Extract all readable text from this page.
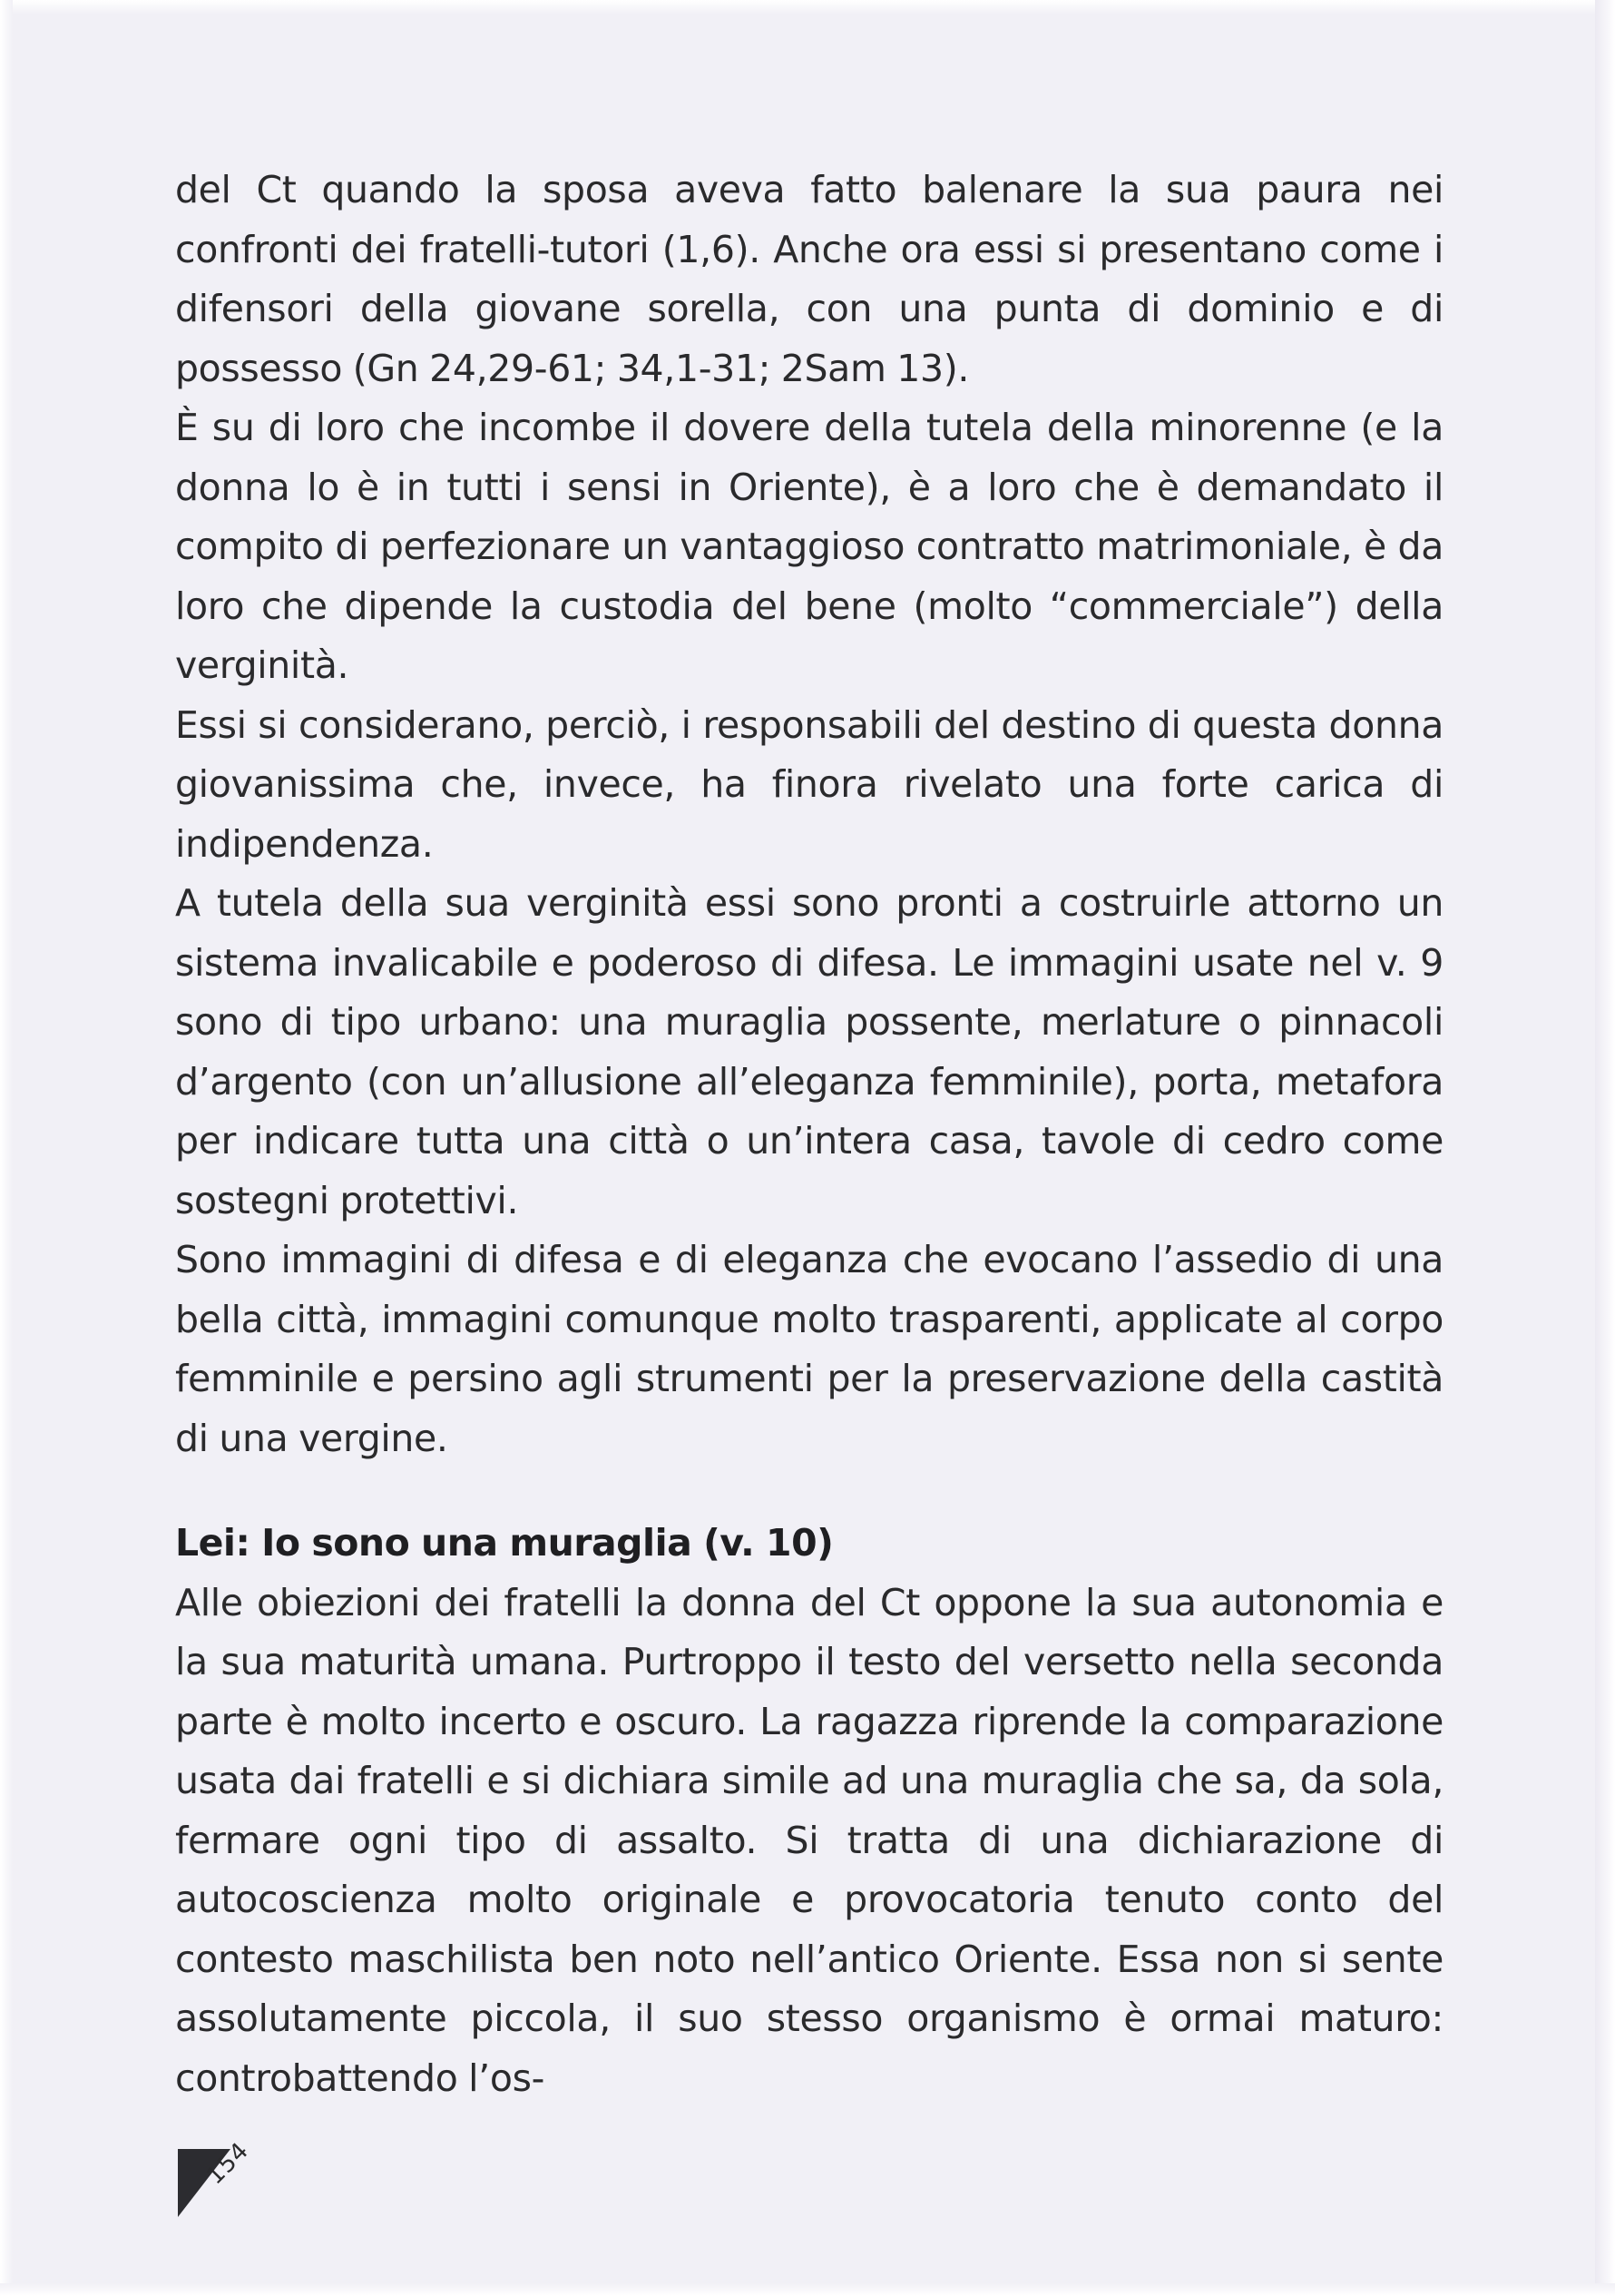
del Ct quando la sposa aveva fatto balenare la sua paura nei confronti dei fratelli-tutori (1,6). Anche ora essi si presentano come i difensori della giovane sorella, con una punta di dominio e di possesso (Gn 24,29-61; 34,1-31; 2Sam 13).

È su di loro che incombe il dovere della tutela della minorenne (e la donna lo è in tutti i sensi in Oriente), è a loro che è demandato il compito di perfezionare un vantaggioso contratto matrimoniale, è da loro che dipende la custodia del bene (molto “commerciale”) della verginità.

Essi si considerano, perciò, i responsabili del destino di questa donna giovanissima che, invece, ha finora rivelato una forte carica di indipendenza.

A tutela della sua verginità essi sono pronti a costruirle attorno un sistema invalicabile e poderoso di difesa. Le immagini usate nel v. 9 sono di tipo urbano: una muraglia possente, merlature o pinnacoli d’argento (con un’allusione all’eleganza femminile), porta, metafora per indicare tutta una città o un’intera casa, tavole di cedro come sostegni protettivi.

Sono immagini di difesa e di eleganza che evocano l’assedio di una bella città, immagini comunque molto trasparenti, applicate al corpo femminile e persino agli strumenti per la preservazione della castità di una vergine.

Lei: Io sono una muraglia (v. 10)

Alle obiezioni dei fratelli la donna del Ct oppone la sua autonomia e la sua maturità umana. Purtroppo il testo del versetto nella seconda parte è molto incerto e oscuro. La ragazza riprende la comparazione usata dai fratelli e si dichiara simile ad una muraglia che sa, da sola, fermare ogni tipo di assalto. Si tratta di una dichiarazione di autocoscienza molto originale e provocatoria tenuto conto del contesto maschilista ben noto nell’antico Oriente. Essa non si sente assolutamente piccola, il suo stesso organismo è ormai maturo: controbattendo l’os-

154
